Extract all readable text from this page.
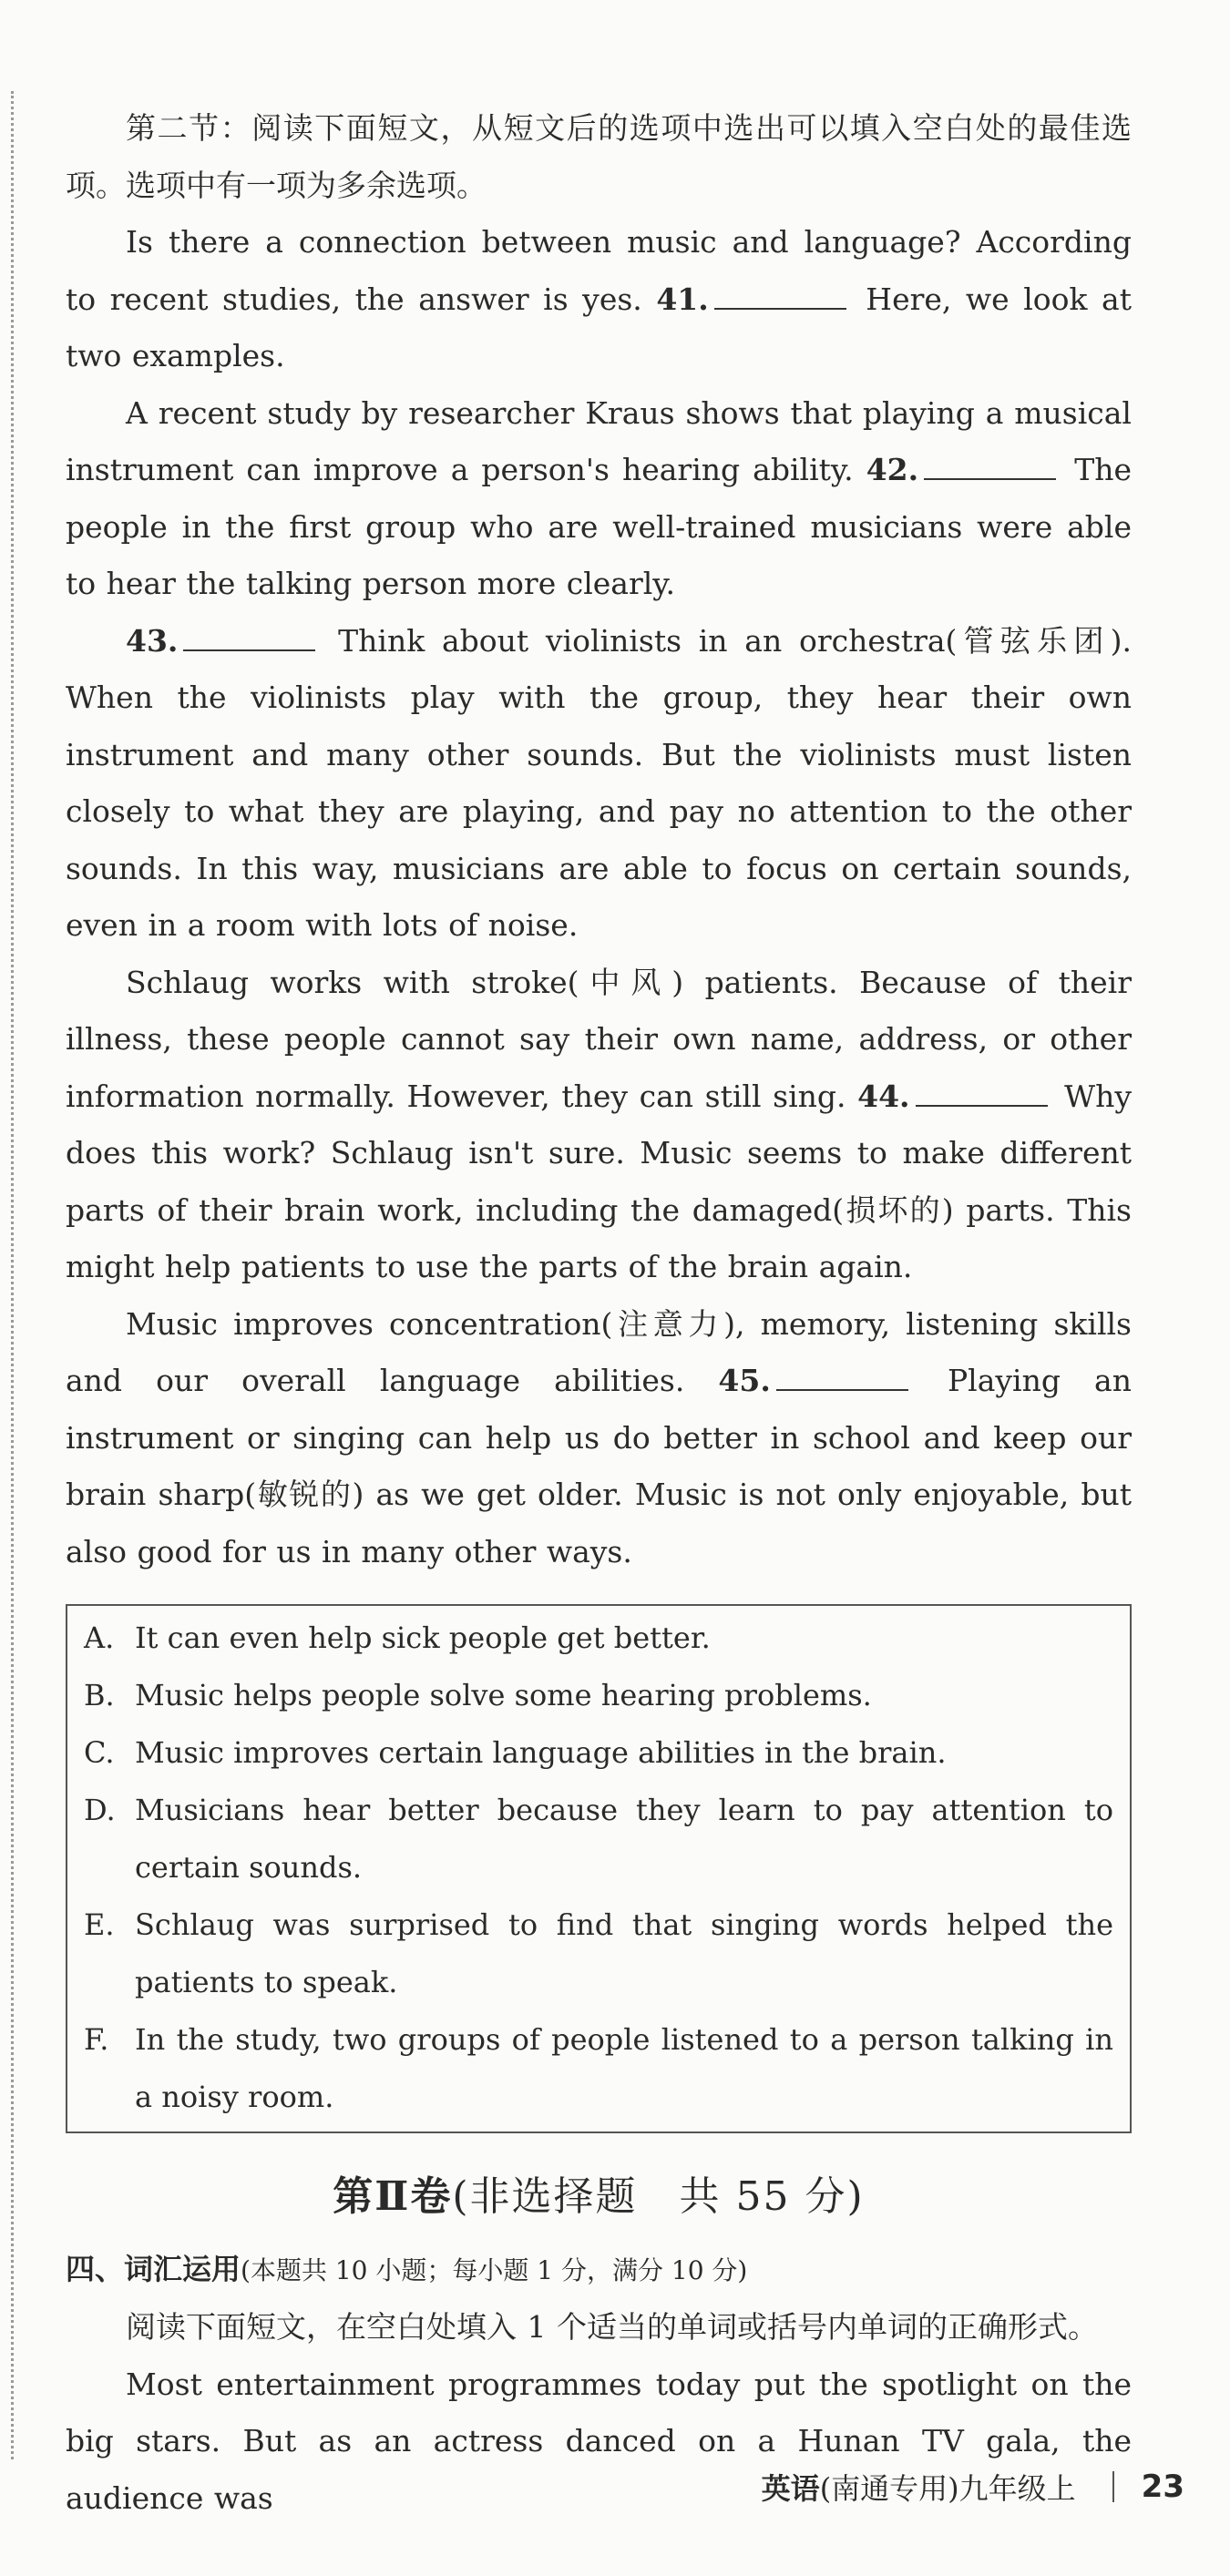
第二节：阅读下面短文，从短文后的选项中选出可以填入空白处的最佳选项。选项中有一项为多余选项。

Is there a connection between music and language? According to recent studies, the answer is yes. 41.	Here, we look at two examples.

A recent study by researcher Kraus shows that playing a musical instrument can improve a person's hearing ability. 42.	The people in the first group who are well-trained musicians were able to hear the talking person more clearly.

43.	Think about violinists in an orchestra(管弦乐团). When the violinists play with the group, they hear their own instrument and many other sounds. But the violinists must listen closely to what they are playing, and pay no attention to the other sounds. In this way, musicians are able to focus on certain sounds, even in a room with lots of noise.

Schlaug works with stroke(中风) patients. Because of their illness, these people cannot say their own name, address, or other information normally. However, they can still sing. 44.	Why does this work? Schlaug isn't sure. Music seems to make different parts of their brain work, including the damaged(损坏的) parts. This might help patients to use the parts of the brain again.

Music improves concentration(注意力), memory, listening skills and our overall language abilities. 45.	Playing an instrument or singing can help us do better in school and keep our brain sharp(敏锐的) as we get older. Music is not only enjoyable, but also good for us in many other ways.

A. It can even help sick people get better.
B. Music helps people solve some hearing problems.
C. Music improves certain language abilities in the brain.
D. Musicians hear better because they learn to pay attention to certain sounds.
E. Schlaug was surprised to find that singing words helped the patients to speak.
F. In the study, two groups of people listened to a person talking in a noisy room.
第Ⅱ卷(非选择题　共 55 分)

四、词汇运用(本题共 10 小题；每小题 1 分，满分 10 分)

阅读下面短文，在空白处填入 1 个适当的单词或括号内单词的正确形式。

Most entertainment programmes today put the spotlight on the big stars. But as an actress danced on a Hunan TV gala, the audience was	英语 (南通专用)九年级上 23
